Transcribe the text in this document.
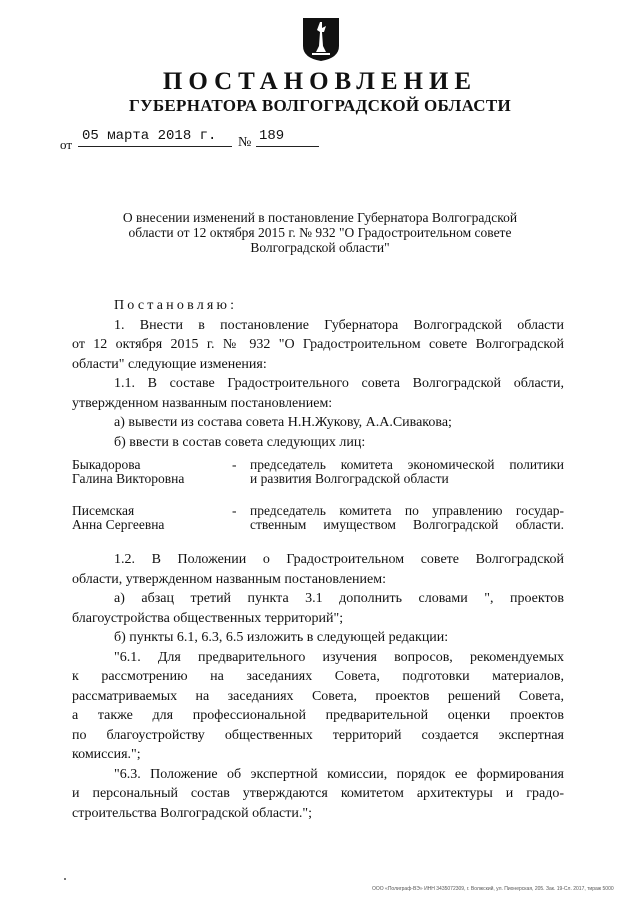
ПОСТАНОВЛЕНИЕ
ГУБЕРНАТОРА ВОЛГОГРАДСКОЙ ОБЛАСТИ
от
05 марта 2018 г.	№ 189
О внесении изменений в постановление Губернатора Волгоградской
области от 12 октября 2015 г. № 932 "О Градостроительном совете
Волгоградской области"
Постановляю:
1. Внести в постановление Губернатора Волгоградской области
от 12 октября 2015 г. № 932 "О Градостроительном совете Волгоградской
области" следующие изменения:
1.1. В составе Градостроительного совета Волгоградской области,
утвержденном названным постановлением:
а) вывести из состава совета Н.Н.Жукову, А.А.Сивакова;
б) ввести в состав совета следующих лиц:
Быкадорова
Галина Викторовна
-	председатель комитета экономической политики
и развития Волгоградской области
Писемская
Анна Сергеевна
-	председатель комитета по управлению государ-
ственным имуществом Волгоградской области.
1.2. В Положении о Градостроительном совете Волгоградской
области, утвержденном названным постановлением:
а) абзац третий пункта 3.1 дополнить словами ", проектов
благоустройства общественных территорий";
б) пункты 6.1, 6.3, 6.5 изложить в следующей редакции:
"6.1. Для предварительного изучения вопросов, рекомендуемых
к рассмотрению на заседаниях Совета, подготовки материалов,
рассматриваемых на заседаниях Совета, проектов решений Совета,
а также для профессиональной предварительной оценки проектов
по благоустройству общественных территорий создается экспертная
комиссия.";
"6.3. Положение об экспертной комиссии, порядок ее формирования
и персональный состав утверждаются комитетом архитектуры и градо-
строительства Волгоградской области.";
ООО «Полиграф-ВЭ» ИНН 3435072309, г. Волжский, ул. Пионерская, 205. Зак. 19-Сл. 2017, тираж 5000
